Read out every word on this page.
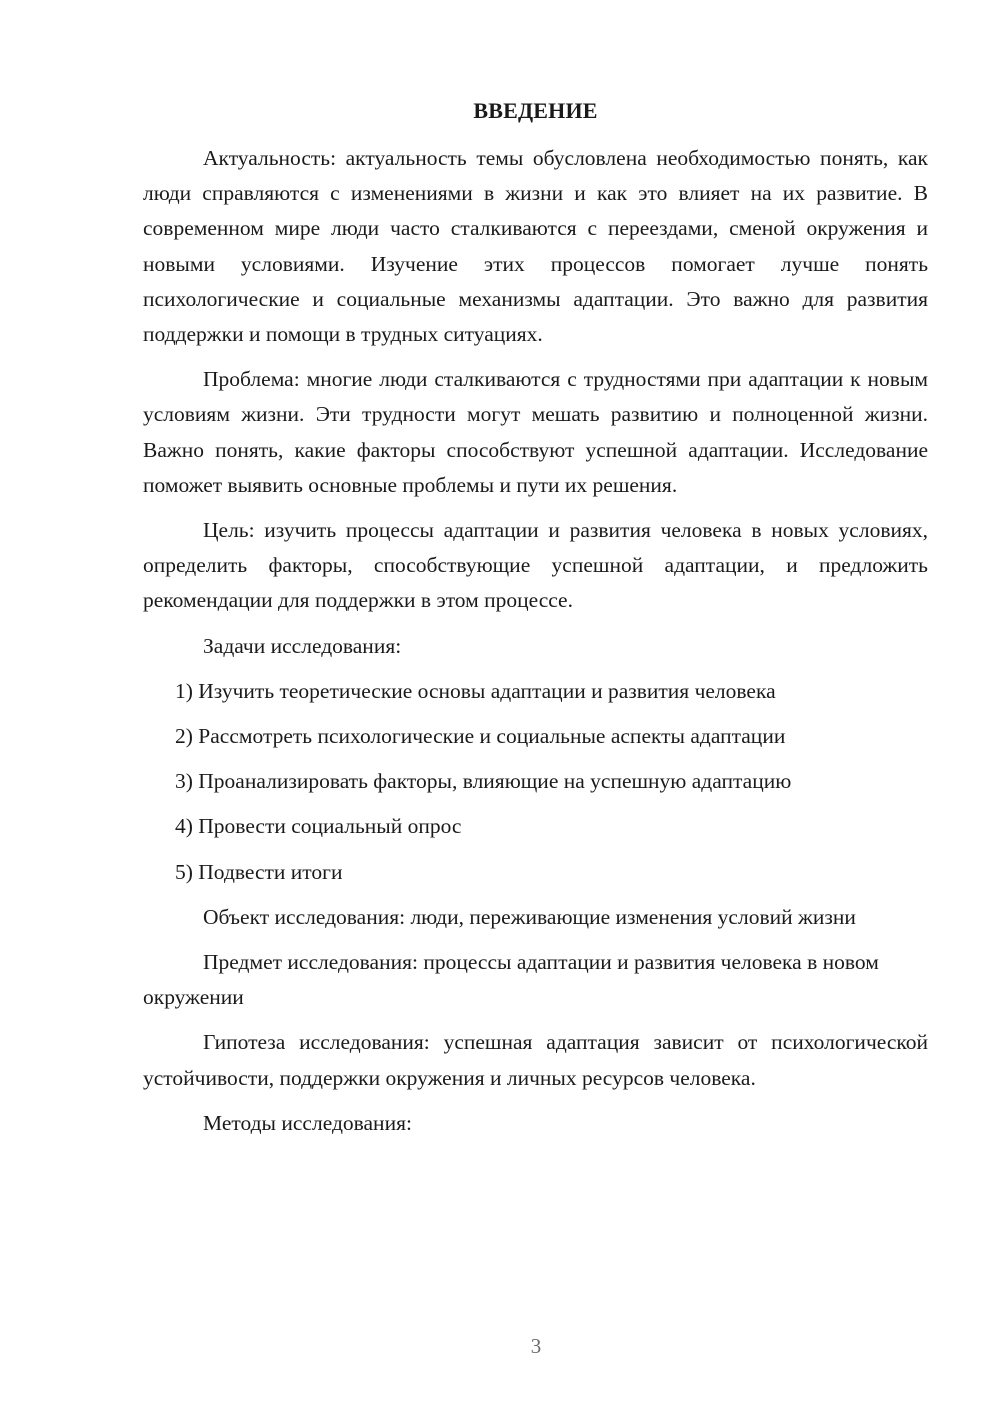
ВВЕДЕНИЕ

Актуальность: актуальность темы обусловлена необходимостью понять, как люди справляются с изменениями в жизни и как это влияет на их развитие. В современном мире люди часто сталкиваются с переездами, сменой окружения и новыми условиями. Изучение этих процессов помогает лучше понять психологические и социальные механизмы адаптации. Это важно для развития поддержки и помощи в трудных ситуациях.

Проблема: многие люди сталкиваются с трудностями при адаптации к новым условиям жизни. Эти трудности могут мешать развитию и полноценной жизни. Важно понять, какие факторы способствуют успешной адаптации. Исследование поможет выявить основные проблемы и пути их решения.

Цель: изучить процессы адаптации и развития человека в новых условиях, определить факторы, способствующие успешной адаптации, и предложить рекомендации для поддержки в этом процессе.

Задачи исследования:

1) Изучить теоретические основы адаптации и развития человека

2) Рассмотреть психологические и социальные аспекты адаптации

3) Проанализировать факторы, влияющие на успешную адаптацию

4) Провести социальный опрос

5) Подвести итоги

Объект исследования: люди, переживающие изменения условий жизни

Предмет исследования: процессы адаптации и развития человека в новом окружении

Гипотеза исследования: успешная адаптация зависит от психологической устойчивости, поддержки окружения и личных ресурсов человека.

Методы исследования:

3
